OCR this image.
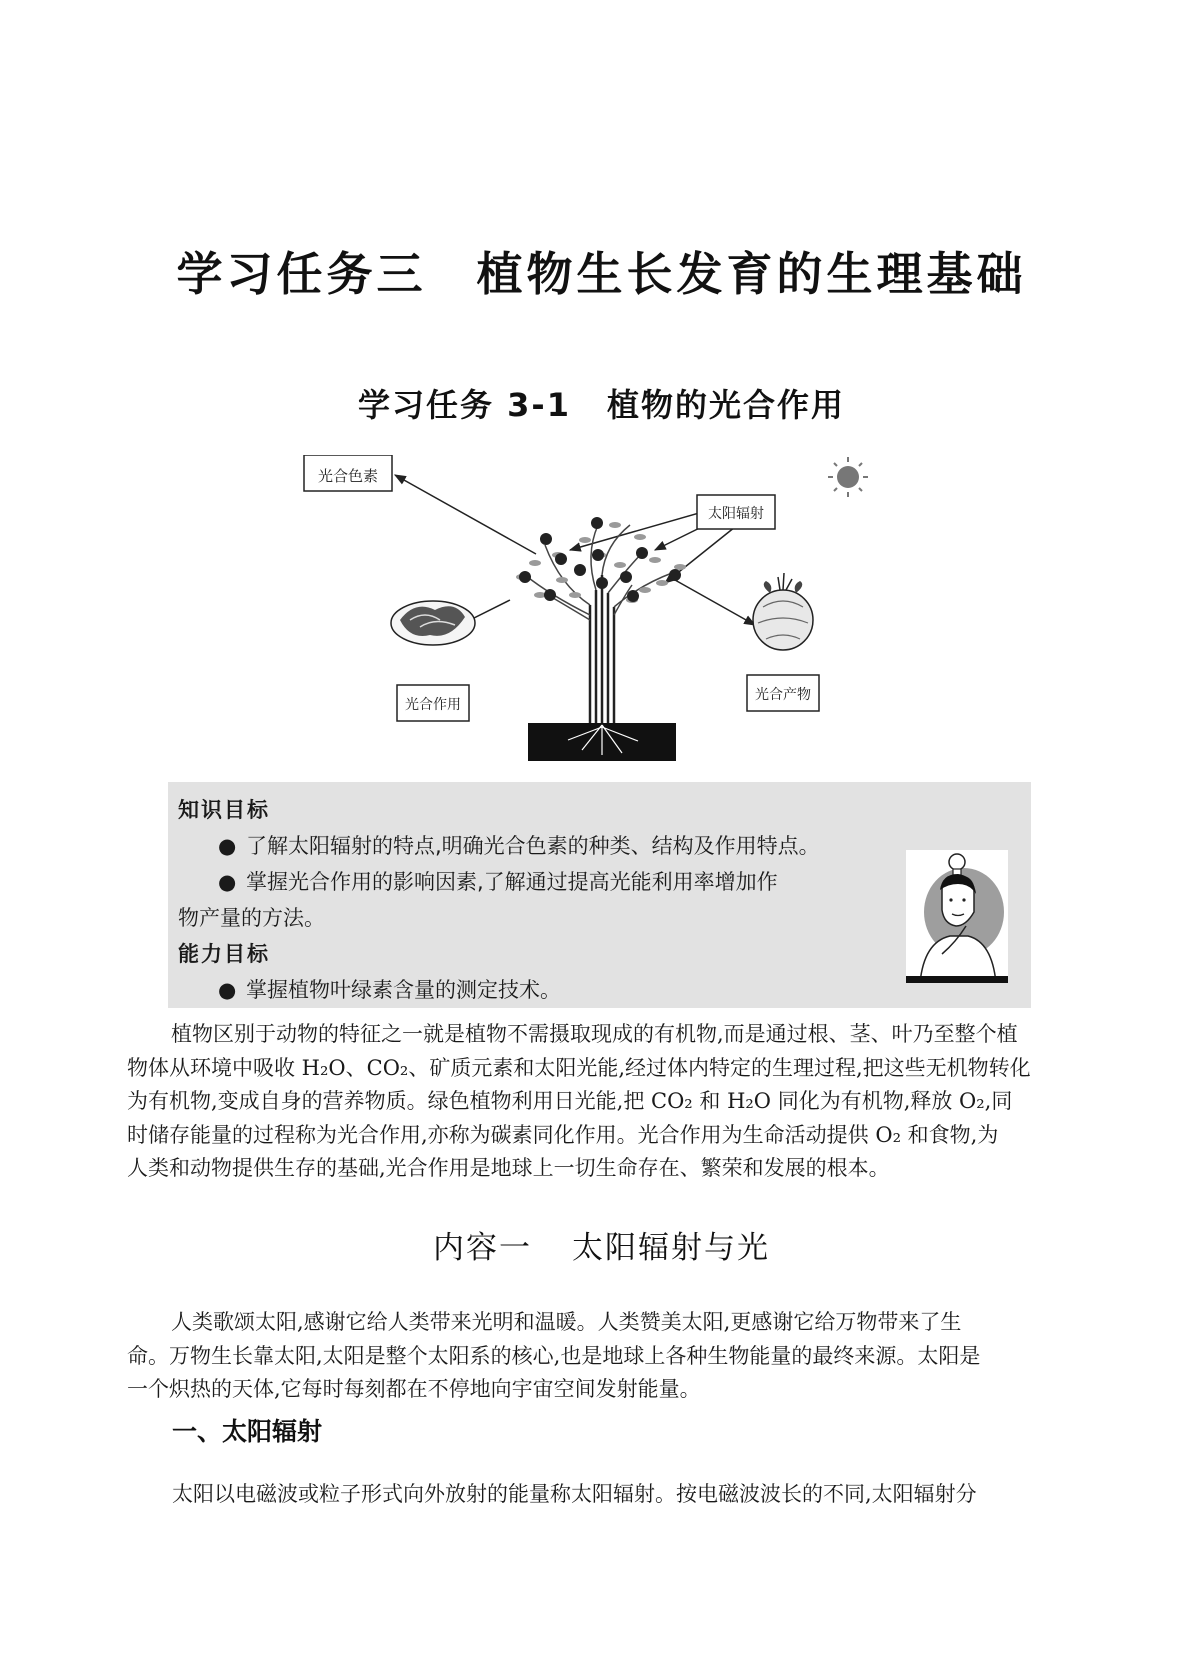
学习任务三 植物生长发育的生理基础
学习任务 3-1 植物的光合作用
光合色素
太阳辐射
光合作用
光合产物
知识目标
● 了解太阳辐射的特点,明确光合色素的种类、结构及作用特点。
● 掌握光合作用的影响因素,了解通过提高光能利用率增加作
物产量的方法。
能力目标
● 掌握植物叶绿素含量的测定技术。
植物区别于动物的特征之一就是植物不需摄取现成的有机物,而是通过根、茎、叶乃至整个植
物体从环境中吸收 H₂O、CO₂、矿质元素和太阳光能,经过体内特定的生理过程,把这些无机物转化
为有机物,变成自身的营养物质。绿色植物利用日光能,把 CO₂ 和 H₂O 同化为有机物,释放 O₂,同
时储存能量的过程称为光合作用,亦称为碳素同化作用。光合作用为生命活动提供 O₂ 和食物,为
人类和动物提供生存的基础,光合作用是地球上一切生命存在、繁荣和发展的根本。
内容一 太阳辐射与光
人类歌颂太阳,感谢它给人类带来光明和温暖。人类赞美太阳,更感谢它给万物带来了生
命。万物生长靠太阳,太阳是整个太阳系的核心,也是地球上各种生物能量的最终来源。太阳是
一个炽热的天体,它每时每刻都在不停地向宇宙空间发射能量。
一、太阳辐射
太阳以电磁波或粒子形式向外放射的能量称太阳辐射。按电磁波波长的不同,太阳辐射分
